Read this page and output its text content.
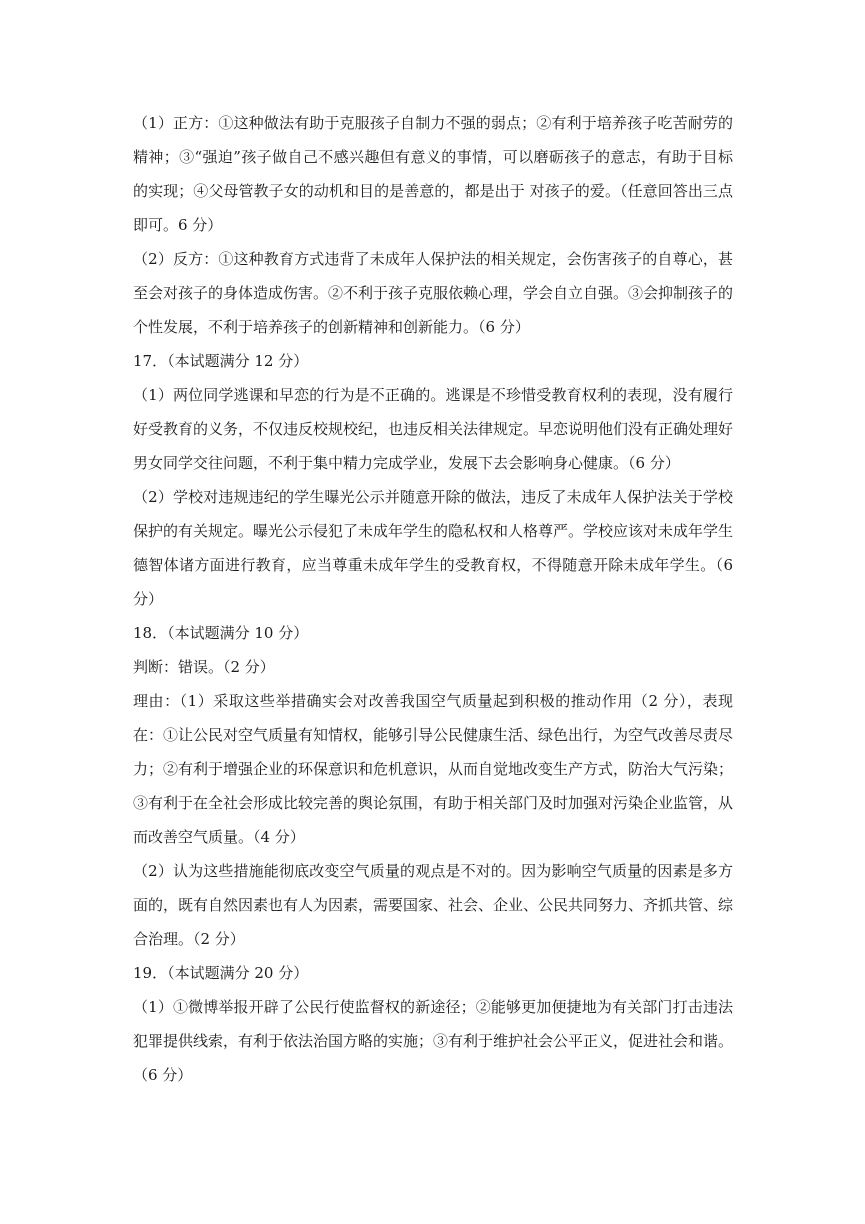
（1）正方：①这种做法有助于克服孩子自制力不强的弱点；②有利于培养孩子吃苦耐劳的精神；③“强迫”孩子做自己不感兴趣但有意义的事情，可以磨砺孩子的意志，有助于目标的实现；④父母管教子女的动机和目的是善意的，都是出于 对孩子的爱。（任意回答出三点即可。6 分）

（2）反方：①这种教育方式违背了未成年人保护法的相关规定，会伤害孩子的自尊心，甚至会对孩子的身体造成伤害。②不利于孩子克服依赖心理，学会自立自强。③会抑制孩子的个性发展，不利于培养孩子的创新精神和创新能力。（6 分）

17．（本试题满分 12 分）

（1）两位同学逃课和早恋的行为是不正确的。逃课是不珍惜受教育权利的表现，没有履行好受教育的义务，不仅违反校规校纪，也违反相关法律规定。早恋说明他们没有正确处理好男女同学交往问题，不利于集中精力完成学业，发展下去会影响身心健康。（6 分）

（2）学校对违规违纪的学生曝光公示并随意开除的做法，违反了未成年人保护法关于学校保护的有关规定。曝光公示侵犯了未成年学生的隐私权和人格尊严。学校应该对未成年学生德智体诸方面进行教育，应当尊重未成年学生的受教育权，不得随意开除未成年学生。（6 分）

18．（本试题满分 10 分）

判断：错误。（2 分）

理由：（1）采取这些举措确实会对改善我国空气质量起到积极的推动作用（2 分），表现在：①让公民对空气质量有知情权，能够引导公民健康生活、绿色出行，为空气改善尽责尽力；②有利于增强企业的环保意识和危机意识，从而自觉地改变生产方式，防治大气污染；③有利于在全社会形成比较完善的舆论氛围，有助于相关部门及时加强对污染企业监管，从而改善空气质量。（4 分）

（2）认为这些措施能彻底改变空气质量的观点是不对的。因为影响空气质量的因素是多方面的，既有自然因素也有人为因素，需要国家、社会、企业、公民共同努力、齐抓共管、综合治理。（2 分）

19．（本试题满分 20 分）

（1）①微博举报开辟了公民行使监督权的新途径；②能够更加便捷地为有关部门打击违法犯罪提供线索，有利于依法治国方略的实施；③有利于维护社会公平正义，促进社会和谐。（6 分）
